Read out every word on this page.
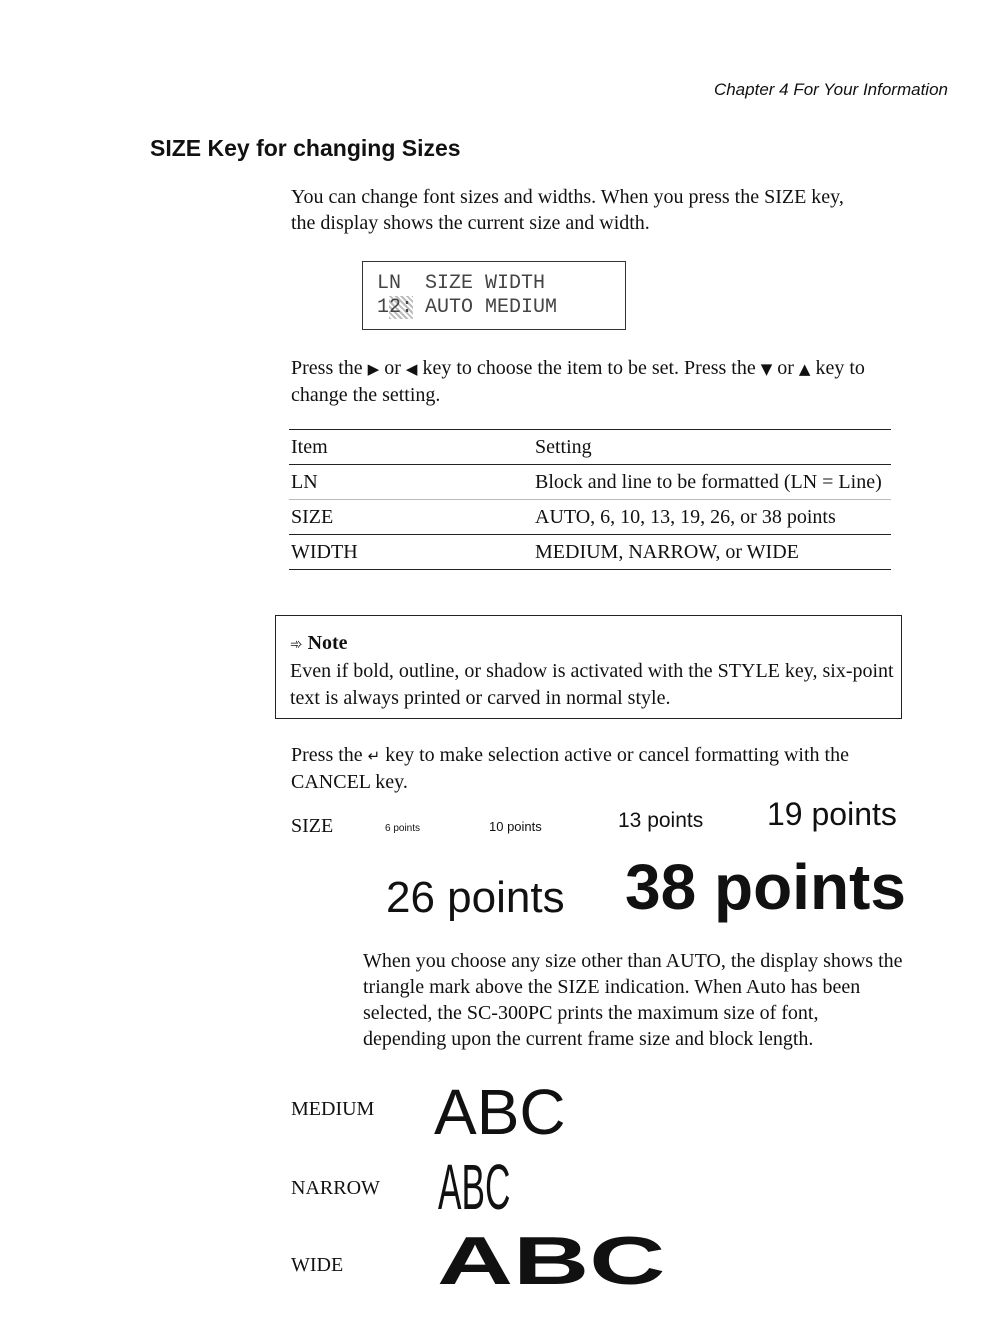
Chapter 4 For Your Information
SIZE Key for changing Sizes
You can change font sizes and widths. When you press the SIZE key, the display shows the current size and width.
LN  SIZE WIDTH
12: AUTO MEDIUM
Press the ▶ or ◀ key to choose the item to be set. Press the ▼ or ▲ key to change the setting.
Item	Setting
LN	Block and line to be formatted (LN = Line)
SIZE	AUTO, 6, 10, 13, 19, 26, or 38 points
WIDTH	MEDIUM, NARROW, or WIDE
➾ Note
Even if bold, outline, or shadow is activated with the STYLE key, six-point text is always printed or carved in normal style.
Press the ↵ key to make selection active or cancel formatting with the CANCEL key.
SIZE	6 points	10 points	13 points 19 points
26 points 38 points
When you choose any size other than AUTO, the display shows the triangle mark above the SIZE indication. When Auto has been selected, the SC-300PC prints the maximum size of font, depending upon the current frame size and block length.
MEDIUM ABC
NARROW ABC
WIDE ABC
